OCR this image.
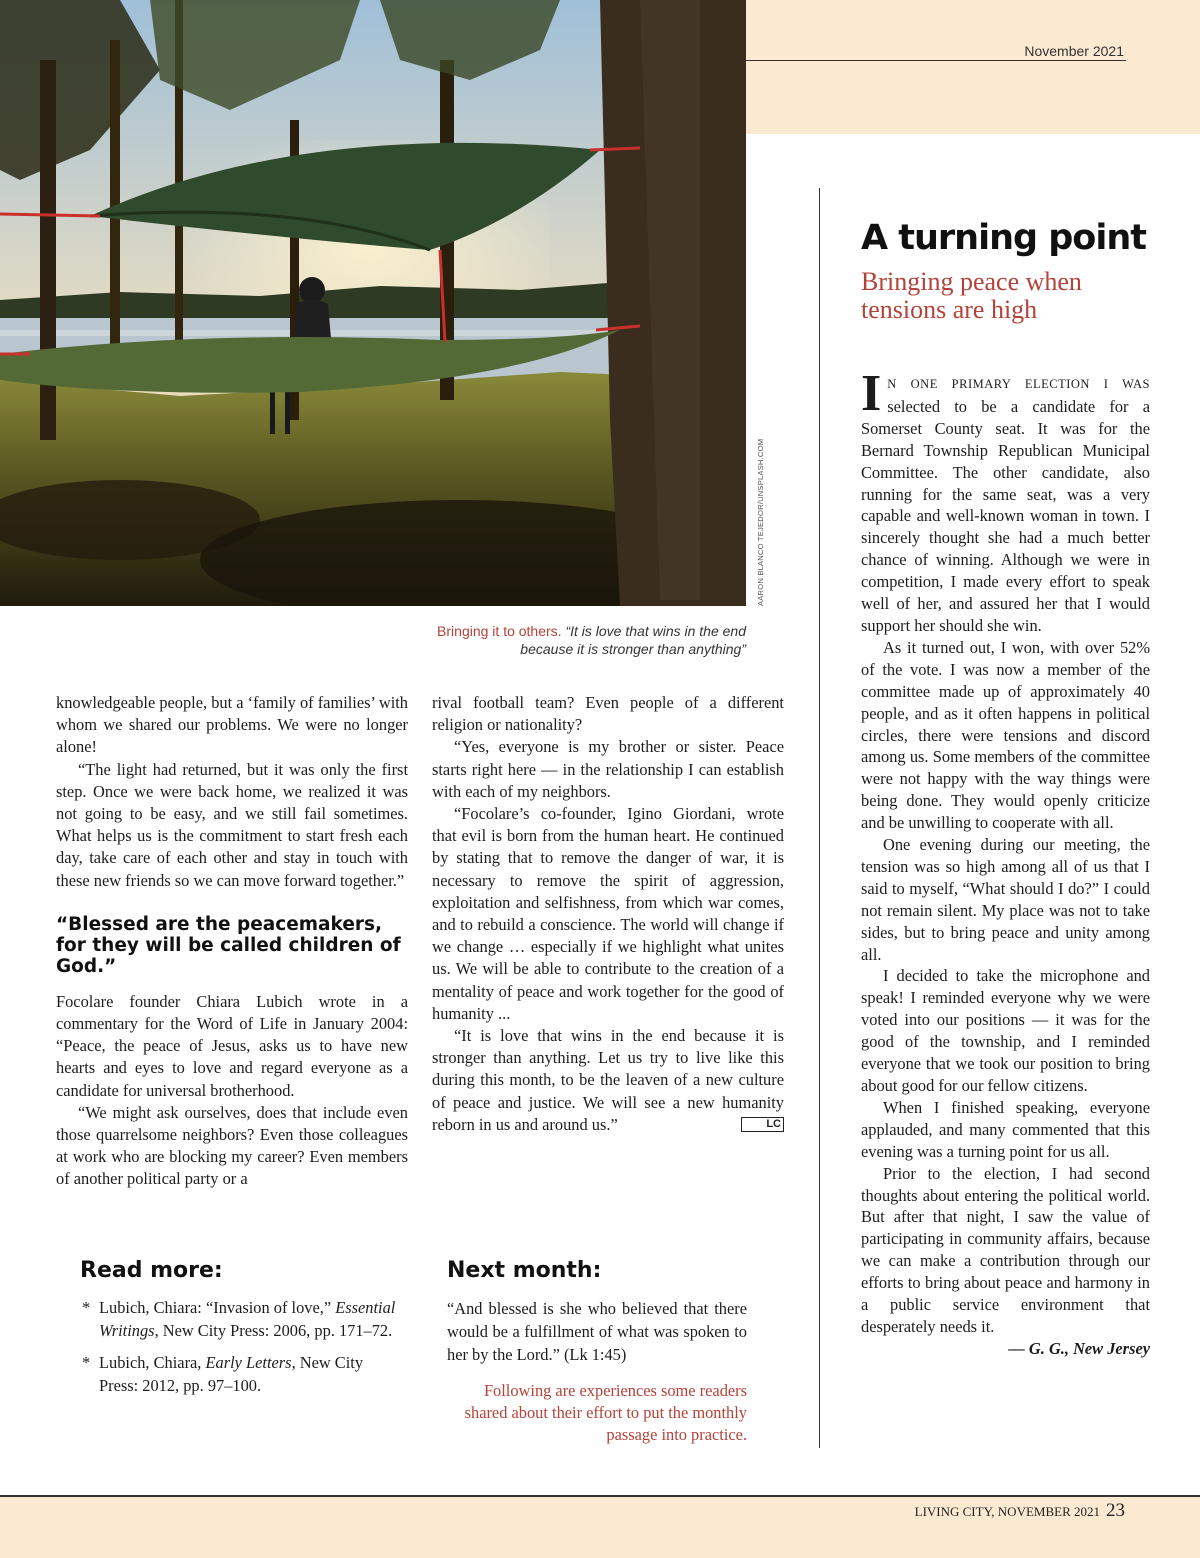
AARON BLANCO TEJEDOR/UNSPLASH.COM
November 2021
Bringing it to others. “It is love that wins in the end because it is stronger than anything”

knowledgeable people, but a ‘family of families’ with whom we shared our problems. We were no longer alone!

“The light had returned, but it was only the first step. Once we were back home, we realized it was not going to be easy, and we still fail sometimes. What helps us is the commitment to start fresh each day, take care of each other and stay in touch with these new friends so we can move forward together.”

“Blessed are the peacemakers, for they will be called children of God.”

Focolare founder Chiara Lubich wrote in a commentary for the Word of Life in January 2004: “Peace, the peace of Jesus, asks us to have new hearts and eyes to love and regard everyone as a candidate for universal brotherhood.

“We might ask ourselves, does that include even those quarrelsome neighbors? Even those colleagues at work who are blocking my career? Even members of another political party or a

rival football team? Even people of a different religion or nationality?

“Yes, everyone is my brother or sister. Peace starts right here — in the relationship I can establish with each of my neighbors.

“Focolare’s co-founder, Igino Giordani, wrote that evil is born from the human heart. He continued by stating that to remove the danger of war, it is necessary to remove the spirit of aggression, exploitation and selfishness, from which war comes, and to rebuild a conscience. The world will change if we change … especially if we highlight what unites us. We will be able to contribute to the creation of a mentality of peace and work together for the good of humanity ...

“It is love that wins in the end because it is stronger than anything. Let us try to live like this during this month, to be the leaven of a new culture of peace and justice. We will see a new humanity reborn in us and around us.”	LC

A turning point
Bringing peace when tensions are high

I N ONE PRIMARY ELECTION I WAS selected to be a candidate for a Somerset County seat. It was for the Bernard Township Republican Municipal Committee. The other candidate, also running for the same seat, was a very capable and well-known woman in town. I sincerely thought she had a much better chance of winning. Although we were in competition, I made every effort to speak well of her, and assured her that I would support her should she win.

As it turned out, I won, with over 52% of the vote. I was now a member of the committee made up of approximately 40 people, and as it often happens in political circles, there were tensions and discord among us. Some members of the committee were not happy with the way things were being done. They would openly criticize and be unwilling to cooperate with all.

One evening during our meeting, the tension was so high among all of us that I said to myself, “What should I do?” I could not remain silent. My place was not to take sides, but to bring peace and unity among all.

I decided to take the microphone and speak! I reminded everyone why we were voted into our positions — it was for the good of the township, and I reminded everyone that we took our position to bring about good for our fellow citizens.

When I finished speaking, everyone applauded, and many commented that this evening was a turning point for us all.

Prior to the election, I had second thoughts about entering the political world. But after that night, I saw the value of participating in community affairs, because we can make a contribution through our efforts to bring about peace and harmony in a public service environment that desperately needs it.

— G. G., New Jersey

Read more:
* Lubich, Chiara: “Invasion of love,” Essential Writings, New City Press: 2006, pp. 171–72.
* Lubich, Chiara, Early Letters, New City Press: 2012, pp. 97–100.
Next month:
“And blessed is she who believed that there would be a fulfillment of what was spoken to her by the Lord.” (Lk 1:45)
Following are experiences some readers shared about their effort to put the monthly passage into practice.
LIVING CITY, NOVEMBER 2021 23
